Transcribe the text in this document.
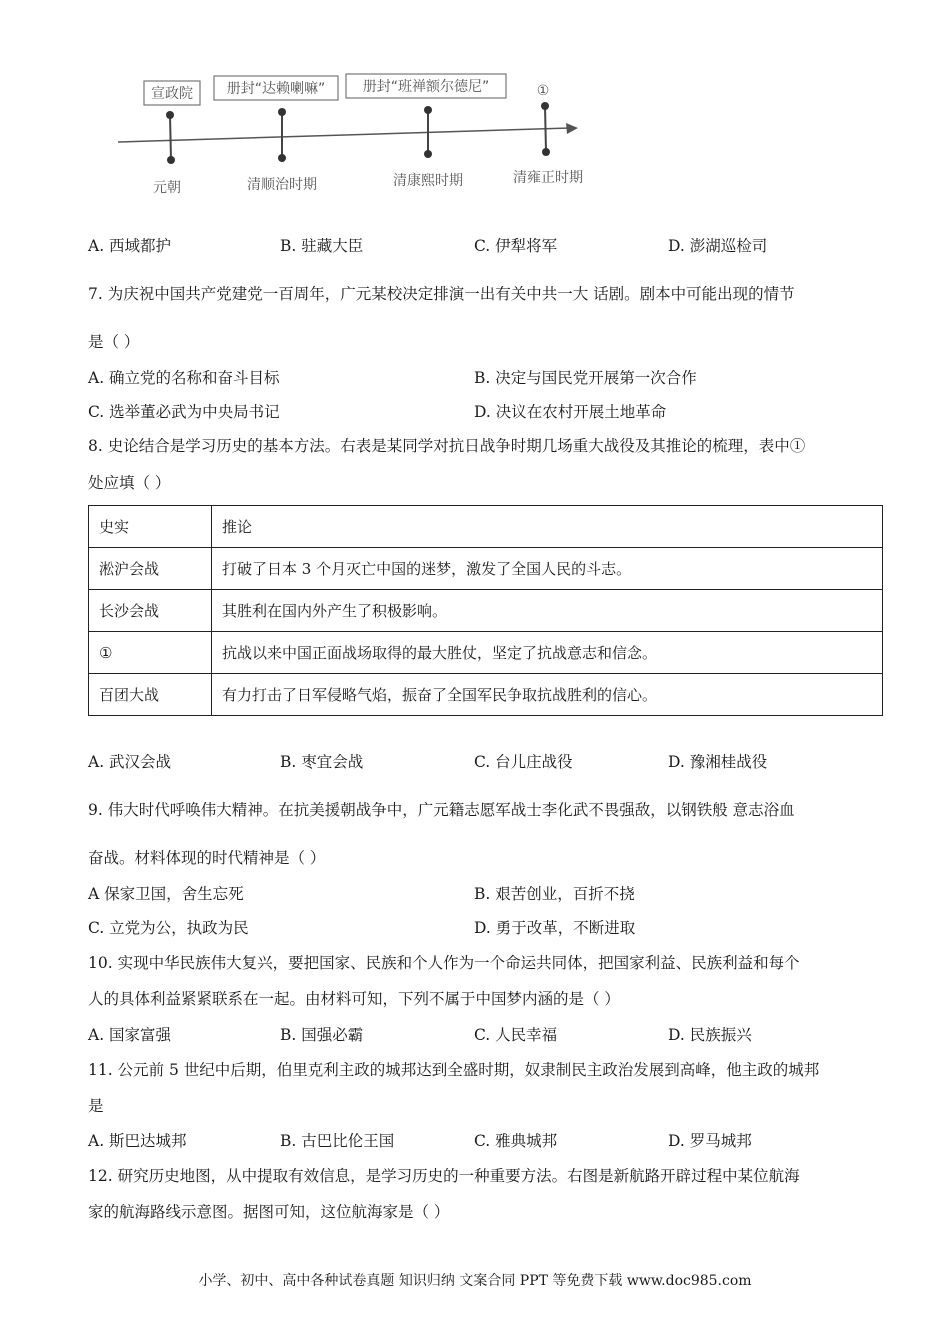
宣政院 册封“达赖喇嘛”	册封“班禅额尔德尼”	①
元朝	清顺治时期	清康熙时期	清雍正时期
A. 西域都护	B. 驻藏大臣	C. 伊犁将军	D. 澎湖巡检司
7. 为庆祝中国共产党建党一百周年，广元某校决定排演一出有关中共一大 话剧。剧本中可能出现的情节
是（ ）
A. 确立党的名称和奋斗目标	B. 决定与国民党开展第一次合作
C. 选举董必武为中央局书记	D. 决议在农村开展土地革命
8. 史论结合是学习历史的基本方法。右表是某同学对抗日战争时期几场重大战役及其推论的梳理，表中①
处应填（ ）
史实	推论
淞沪会战	打破了日本 3 个月灭亡中国的迷梦，激发了全国人民的斗志。
长沙会战	其胜利在国内外产生了积极影响。
①	抗战以来中国正面战场取得的最大胜仗，坚定了抗战意志和信念。
百团大战	有力打击了日军侵略气焰，振奋了全国军民争取抗战胜利的信心。
A. 武汉会战	B. 枣宜会战	C. 台儿庄战役	D. 豫湘桂战役
9. 伟大时代呼唤伟大精神。在抗美援朝战争中，广元籍志愿军战士李化武不畏强敌，以钢铁般 意志浴血
奋战。材料体现的时代精神是（ ）
A 保家卫国，舍生忘死	B. 艰苦创业，百折不挠
C. 立党为公，执政为民	D. 勇于改革，不断进取
10. 实现中华民族伟大复兴，要把国家、民族和个人作为一个命运共同体，把国家利益、民族利益和每个
人的具体利益紧紧联系在一起。由材料可知，下列不属于中国梦内涵的是（ ）
A. 国家富强	B. 国强必霸	C. 人民幸福	D. 民族振兴
11. 公元前 5 世纪中后期，伯里克利主政的城邦达到全盛时期，奴隶制民主政治发展到高峰，他主政的城邦
是
A. 斯巴达城邦	B. 古巴比伦王国	C. 雅典城邦	D. 罗马城邦
12. 研究历史地图，从中提取有效信息，是学习历史的一种重要方法。右图是新航路开辟过程中某位航海
家的航海路线示意图。据图可知，这位航海家是（ ）
小学、初中、高中各种试卷真题 知识归纳 文案合同 PPT 等免费下载 www.doc985.com
